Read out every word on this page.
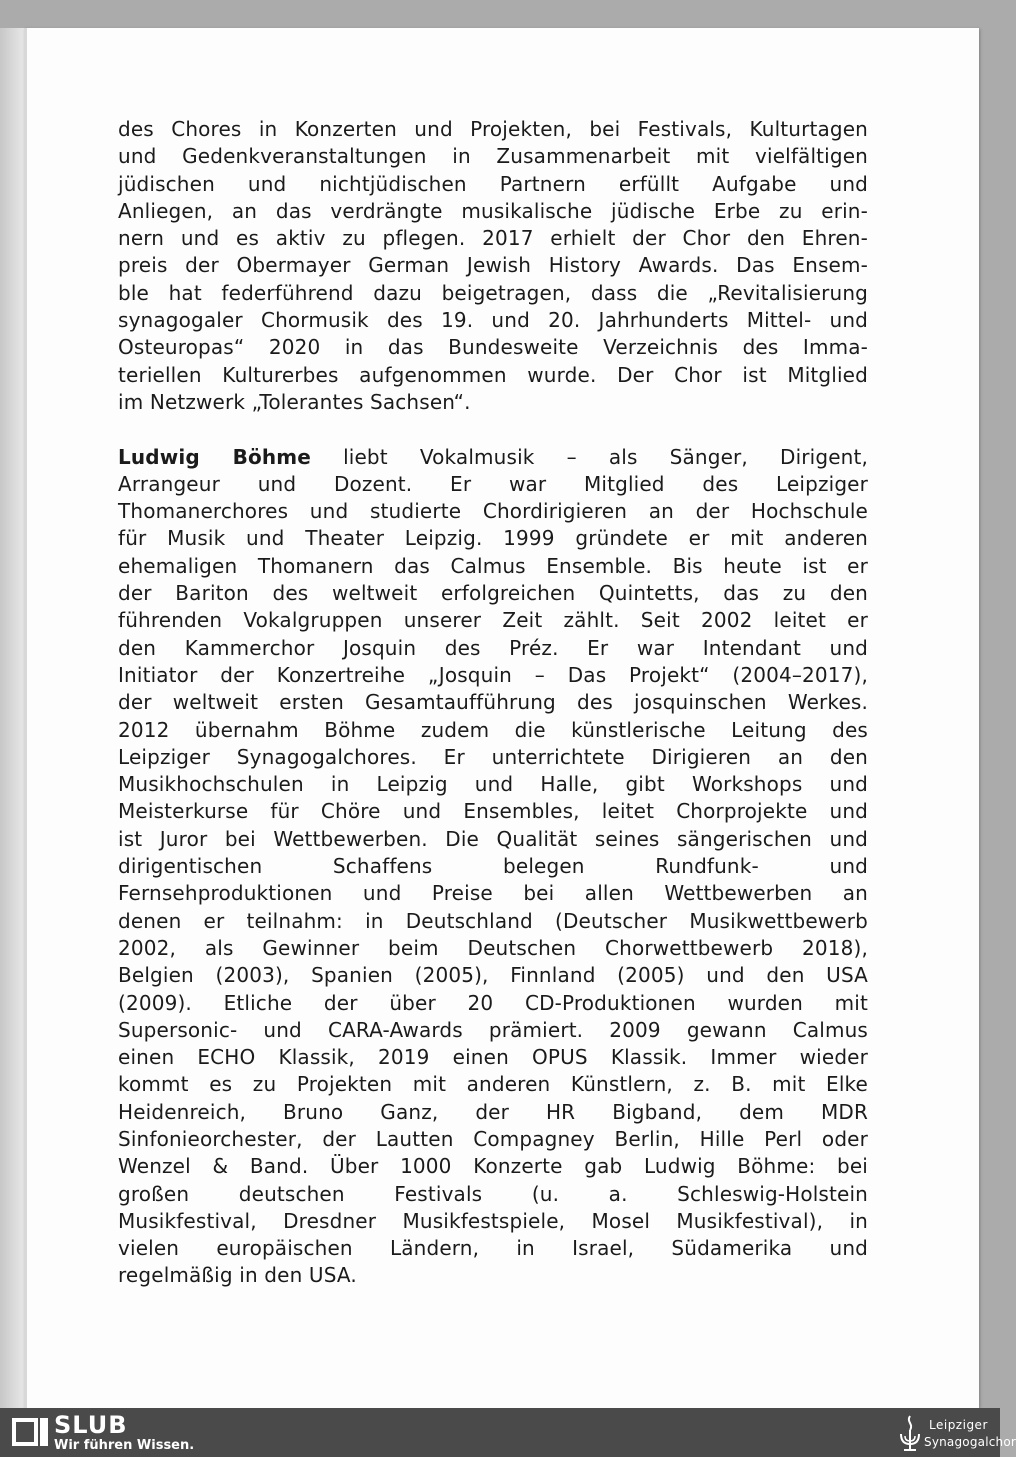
des Chores in Konzerten und Projekten, bei Festivals, Kulturtagen
und Gedenkveranstaltungen in Zusammenarbeit mit vielfältigen
jüdischen und nichtjüdischen Partnern erfüllt Aufgabe und
Anliegen, an das verdrängte musikalische jüdische Erbe zu erin-
nern und es aktiv zu pflegen. 2017 erhielt der Chor den Ehren-
preis der Obermayer German Jewish History Awards. Das Ensem-
ble hat federführend dazu beigetragen, dass die „Revitalisierung
synagogaler Chormusik des 19. und 20. Jahrhunderts Mittel- und
Osteuropas“ 2020 in das Bundesweite Verzeichnis des Imma-
teriellen Kulturerbes aufgenommen wurde. Der Chor ist Mitglied
im Netzwerk „Tolerantes Sachsen“.
Ludwig Böhme liebt Vokalmusik – als Sänger, Dirigent,
Arrangeur und Dozent. Er war Mitglied des Leipziger
Thomanerchores und studierte Chordirigieren an der Hochschule
für Musik und Theater Leipzig. 1999 gründete er mit anderen
ehemaligen Thomanern das Calmus Ensemble. Bis heute ist er
der Bariton des weltweit erfolgreichen Quintetts, das zu den
führenden Vokalgruppen unserer Zeit zählt. Seit 2002 leitet er
den Kammerchor Josquin des Préz. Er war Intendant und
Initiator der Konzertreihe „Josquin – Das Projekt“ (2004–2017),
der weltweit ersten Gesamtaufführung des josquinschen Werkes.
2012 übernahm Böhme zudem die künstlerische Leitung des
Leipziger Synagogalchores. Er unterrichtete Dirigieren an den
Musikhochschulen in Leipzig und Halle, gibt Workshops und
Meisterkurse für Chöre und Ensembles, leitet Chorprojekte und
ist Juror bei Wettbewerben. Die Qualität seines sängerischen und
dirigentischen Schaffens belegen Rundfunk- und
Fernsehproduktionen und Preise bei allen Wettbewerben an
denen er teilnahm: in Deutschland (Deutscher Musikwettbewerb
2002, als Gewinner beim Deutschen Chorwettbewerb 2018),
Belgien (2003), Spanien (2005), Finnland (2005) und den USA
(2009). Etliche der über 20 CD-Produktionen wurden mit
Supersonic- und CARA-Awards prämiert. 2009 gewann Calmus
einen ECHO Klassik, 2019 einen OPUS Klassik. Immer wieder
kommt es zu Projekten mit anderen Künstlern, z. B. mit Elke
Heidenreich, Bruno Ganz, der HR Bigband, dem MDR
Sinfonieorchester, der Lautten Compagney Berlin, Hille Perl oder
Wenzel & Band. Über 1000 Konzerte gab Ludwig Böhme: bei
großen deutschen Festivals (u. a. Schleswig-Holstein
Musikfestival, Dresdner Musikfestspiele, Mosel Musikfestival), in
vielen europäischen Ländern, in Israel, Südamerika und
regelmäßig in den USA.
SLUB
Wir führen Wissen.
Leipziger
Synagogalchor
